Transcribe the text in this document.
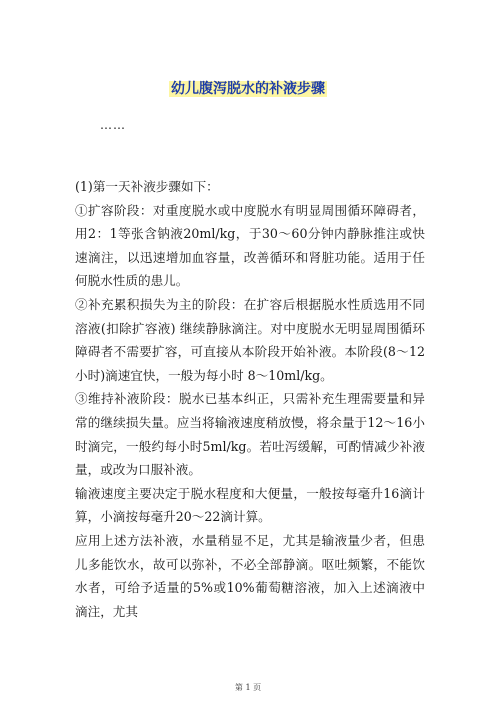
幼儿腹泻脱水的补液步骤
……

(1)第一天补液步骤如下：

①扩容阶段：对重度脱水或中度脱水有明显周围循环障碍者，用2：1等张含钠液20ml/kg，于30～60分钟内静脉推注或快速滴注，以迅速增加血容量，改善循环和肾脏功能。适用于任何脱水性质的患儿。

②补充累积损失为主的阶段：在扩容后根据脱水性质选用不同溶液(扣除扩容液) 继续静脉滴注。对中度脱水无明显周围循环障碍者不需要扩容，可直接从本阶段开始补液。本阶段(8～12小时)滴速宜快，一般为每小时 8～10ml/kg。

③维持补液阶段：脱水已基本纠正，只需补充生理需要量和异常的继续损失量。应当将输液速度稍放慢，将余量于12～16小时滴完，一般约每小时5ml/kg。若吐泻缓解，可酌情减少补液量，或改为口服补液。

输液速度主要决定于脱水程度和大便量，一般按每毫升16滴计算，小滴按每毫升20～22滴计算。

应用上述方法补液，水量稍显不足，尤其是输液量少者，但患儿多能饮水，故可以弥补，不必全部静滴。呕吐频繁，不能饮水者，可给予适量的5%或10%葡萄糖溶液，加入上述滴液中滴注，尤其

第 1 页
